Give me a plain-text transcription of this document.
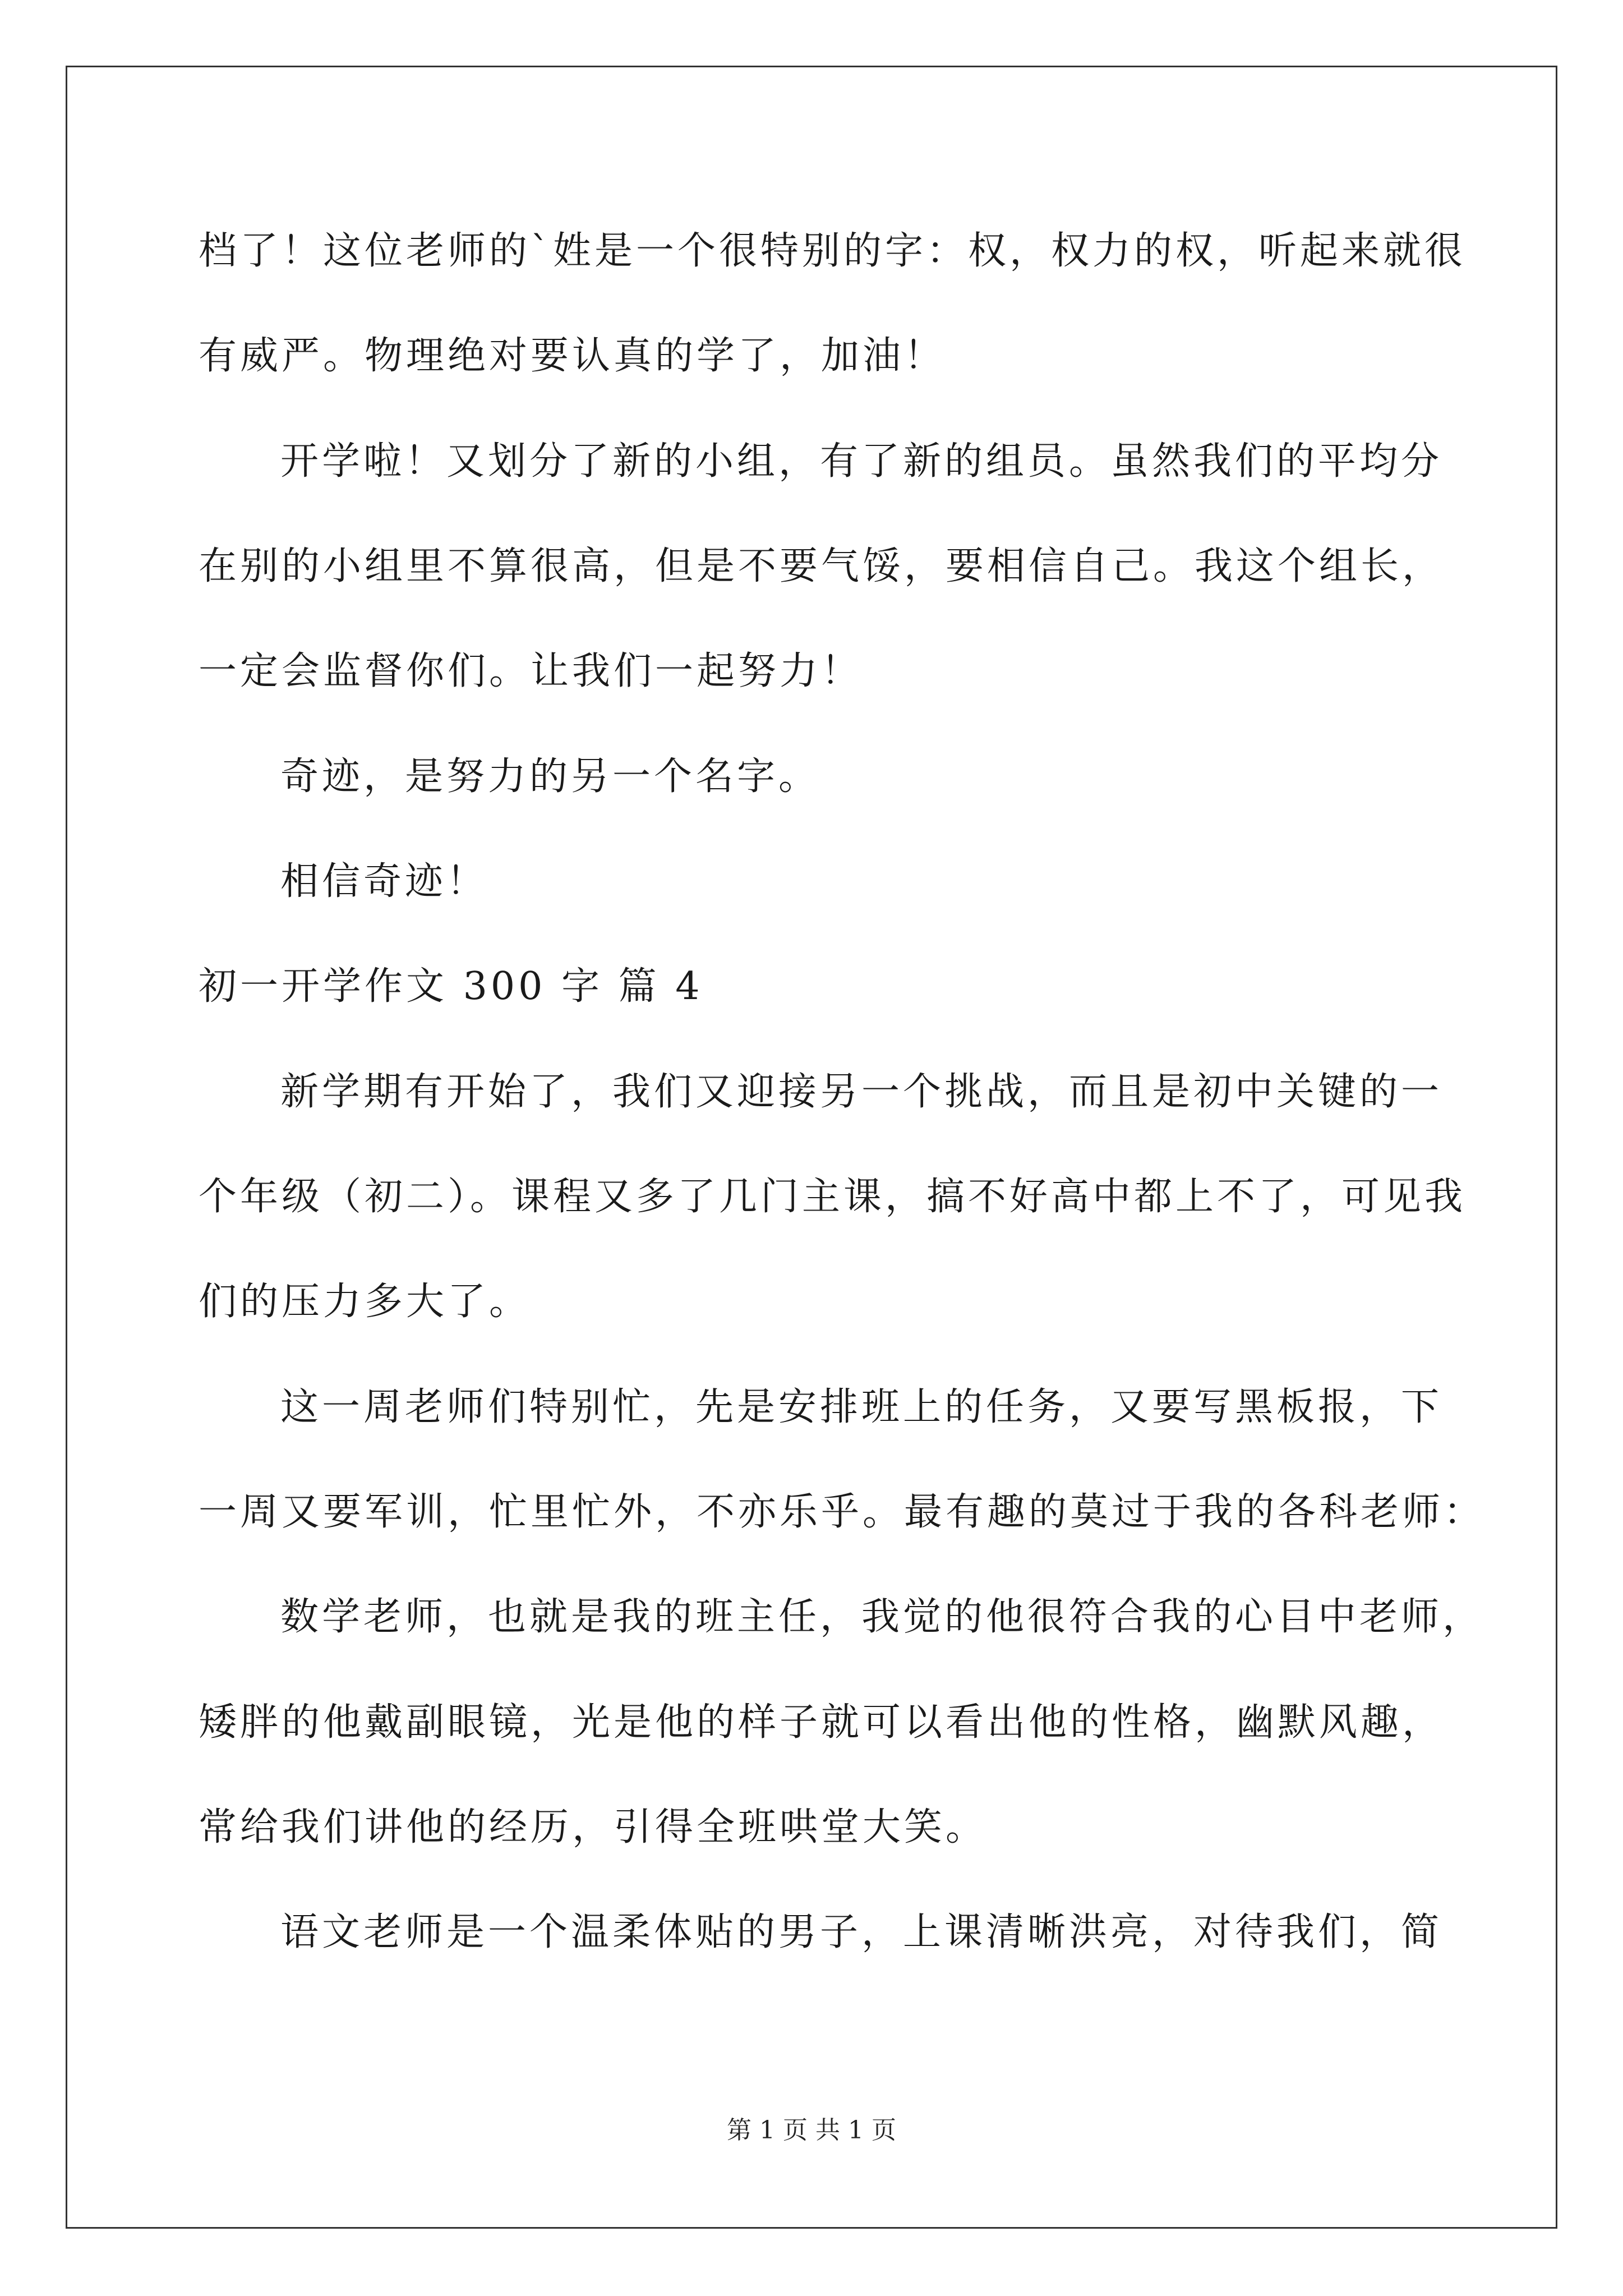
档了！这位老师的`姓是一个很特别的字：权，权力的权，听起来就很
有威严。物理绝对要认真的学了，加油！
开学啦！又划分了新的小组，有了新的组员。虽然我们的平均分
在别的小组里不算很高，但是不要气馁，要相信自己。我这个组长，
一定会监督你们。让我们一起努力！
奇迹，是努力的另一个名字。
相信奇迹！
初一开学作文 300 字 篇 4
新学期有开始了，我们又迎接另一个挑战，而且是初中关键的一
个年级（初二）。课程又多了几门主课，搞不好高中都上不了，可见我
们的压力多大了。
这一周老师们特别忙，先是安排班上的任务，又要写黑板报，下
一周又要军训，忙里忙外，不亦乐乎。最有趣的莫过于我的各科老师：
数学老师，也就是我的班主任，我觉的他很符合我的心目中老师，
矮胖的他戴副眼镜，光是他的样子就可以看出他的性格，幽默风趣，
常给我们讲他的经历，引得全班哄堂大笑。
语文老师是一个温柔体贴的男子，上课清晰洪亮，对待我们，简
第 1 页 共 1 页
